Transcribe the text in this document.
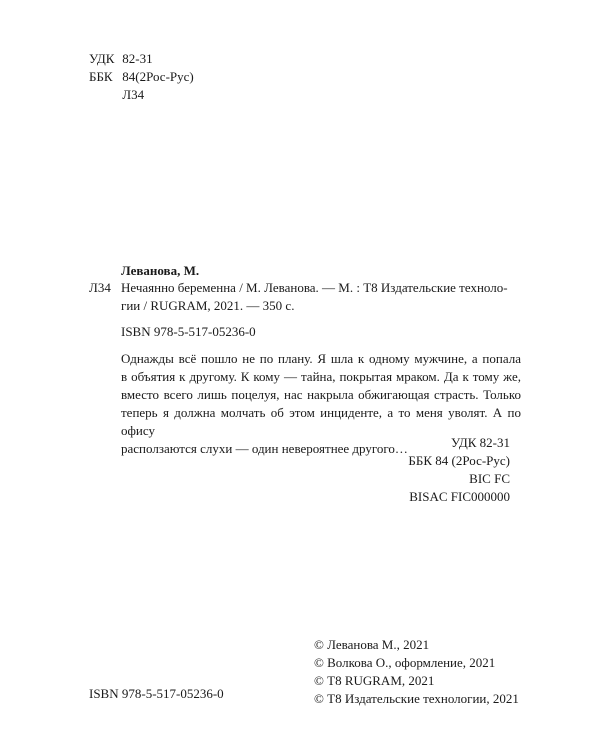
УДК 82-31
ББК 84(2Рос-Рус)
Л34
Леванова, М.
Л34 Нечаянно беременна / М. Леванова. — М. : Т8 Издательские техноло-
гии / RUGRAM, 2021. — 350 с.
ISBN 978-5-517-05236-0
Однажды всё пошло не по плану. Я шла к одному мужчине, а попала
в объятия к другому. К кому — тайна, покрытая мраком. Да к тому же,
вместо всего лишь поцелуя, нас накрыла обжигающая страсть. Только
теперь я должна молчать об этом инциденте, а то меня уволят. А по офису
расползаются слухи — один невероятнее другого…	УДК 82-31
ББК 84 (2Рос-Рус)
BIC FC
BISAC FIC000000
ISBN 978-5-517-05236-0
© Леванова М., 2021
© Волкова О., оформление, 2021
© Т8 RUGRAM, 2021
© Т8 Издательские технологии, 2021
